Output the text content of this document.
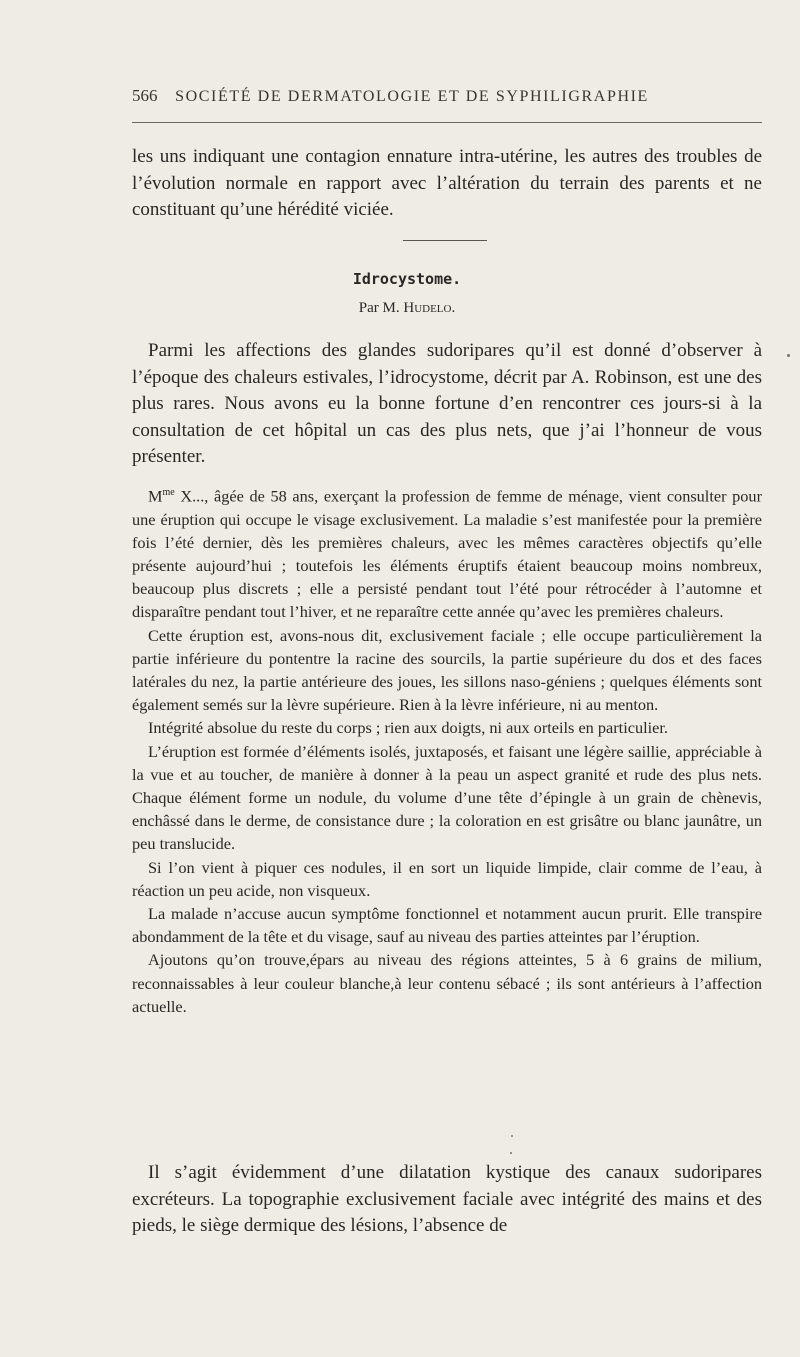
566 SOCIÉTÉ DE DERMATOLOGIE ET DE SYPHILIGRAPHIE

les uns indiquant une contagion ennature intra-utérine, les autres des troubles de l’évolution normale en rapport avec l’altération du terrain des parents et ne constituant qu’une hérédité viciée.

Idrocystome.
Par M. Hudelo.

Parmi les affections des glandes sudoripares qu’il est donné d’observer à l’époque des chaleurs estivales, l’idrocystome, décrit par A. Robinson, est une des plus rares. Nous avons eu la bonne fortune d’en rencontrer ces jours-si à la consultation de cet hôpital un cas des plus nets, que j’ai l’honneur de vous présenter.

$M^{me}$ X..., âgée de 58 ans, exerçant la profession de femme de ménage, vient consulter pour une éruption qui occupe le visage exclusivement. La maladie s’est manifestée pour la première fois l’été dernier, dès les premières chaleurs, avec les mêmes caractères objectifs qu’elle présente aujourd’hui ; toutefois les éléments éruptifs étaient beaucoup moins nombreux, beaucoup plus discrets ; elle a persisté pendant tout l’été pour rétrocéder à l’automne et disparaître pendant tout l’hiver, et ne reparaître cette année qu’avec les premières chaleurs.

Cette éruption est, avons-nous dit, exclusivement faciale ; elle occupe particulièrement la partie inférieure du pontentre la racine des sourcils, la partie supérieure du dos et des faces latérales du nez, la partie antérieure des joues, les sillons naso-géniens ; quelques éléments sont également semés sur la lèvre supérieure. Rien à la lèvre inférieure, ni au menton.

Intégrité absolue du reste du corps ; rien aux doigts, ni aux orteils en particulier.

L’éruption est formée d’éléments isolés, juxtaposés, et faisant une légère saillie, appréciable à la vue et au toucher, de manière à donner à la peau un aspect granité et rude des plus nets. Chaque élément forme un nodule, du volume d’une tête d’épingle à un grain de chènevis, enchâssé dans le derme, de consistance dure ; la coloration en est grisâtre ou blanc jaunâtre, un peu translucide.

Si l’on vient à piquer ces nodules, il en sort un liquide limpide, clair comme de l’eau, à réaction un peu acide, non visqueux.

La malade n’accuse aucun symptôme fonctionnel et notamment aucun prurit. Elle transpire abondamment de la tête et du visage, sauf au niveau des parties atteintes par l’éruption.

Ajoutons qu’on trouve,épars au niveau des régions atteintes, 5 à 6 grains de milium, reconnaissables à leur couleur blanche,à leur contenu sébacé ; ils sont antérieurs à l’affection actuelle.

Il s’agit évidemment d’une dilatation kystique des canaux sudoripares excréteurs. La topographie exclusivement faciale avec intégrité des mains et des pieds, le siège dermique des lésions, l’absence de
